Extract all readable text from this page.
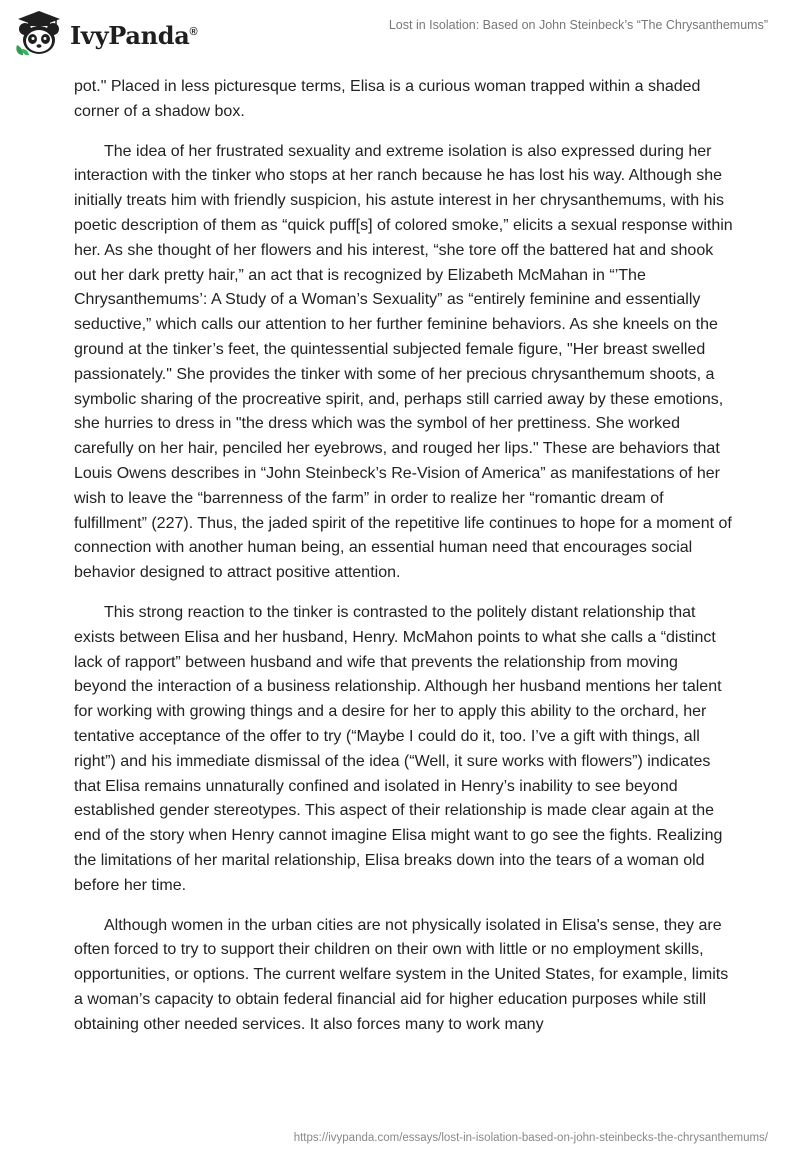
IvyPanda®	Lost in Isolation: Based on John Steinbeck’s “The Chrysanthemums”

pot." Placed in less picturesque terms, Elisa is a curious woman trapped within a shaded corner of a shadow box.

The idea of her frustrated sexuality and extreme isolation is also expressed during her interaction with the tinker who stops at her ranch because he has lost his way. Although she initially treats him with friendly suspicion, his astute interest in her chrysanthemums, with his poetic description of them as “quick puff[s] of colored smoke,” elicits a sexual response within her. As she thought of her flowers and his interest, “she tore off the battered hat and shook out her dark pretty hair,” an act that is recognized by Elizabeth McMahan in “’The Chrysanthemums’: A Study of a Woman’s Sexuality” as “entirely feminine and essentially seductive,” which calls our attention to her further feminine behaviors. As she kneels on the ground at the tinker’s feet, the quintessential subjected female figure, "Her breast swelled passionately." She provides the tinker with some of her precious chrysanthemum shoots, a symbolic sharing of the procreative spirit, and, perhaps still carried away by these emotions, she hurries to dress in "the dress which was the symbol of her prettiness. She worked carefully on her hair, penciled her eyebrows, and rouged her lips." These are behaviors that Louis Owens describes in “John Steinbeck’s Re-Vision of America” as manifestations of her wish to leave the “barrenness of the farm” in order to realize her “romantic dream of fulfillment” (227). Thus, the jaded spirit of the repetitive life continues to hope for a moment of connection with another human being, an essential human need that encourages social behavior designed to attract positive attention.

This strong reaction to the tinker is contrasted to the politely distant relationship that exists between Elisa and her husband, Henry. McMahon points to what she calls a “distinct lack of rapport” between husband and wife that prevents the relationship from moving beyond the interaction of a business relationship. Although her husband mentions her talent for working with growing things and a desire for her to apply this ability to the orchard, her tentative acceptance of the offer to try (“Maybe I could do it, too. I’ve a gift with things, all right”) and his immediate dismissal of the idea (“Well, it sure works with flowers”) indicates that Elisa remains unnaturally confined and isolated in Henry’s inability to see beyond established gender stereotypes. This aspect of their relationship is made clear again at the end of the story when Henry cannot imagine Elisa might want to go see the fights. Realizing the limitations of her marital relationship, Elisa breaks down into the tears of a woman old before her time.

Although women in the urban cities are not physically isolated in Elisa's sense, they are often forced to try to support their children on their own with little or no employment skills, opportunities, or options. The current welfare system in the United States, for example, limits a woman’s capacity to obtain federal financial aid for higher education purposes while still obtaining other needed services. It also forces many to work many

https://ivypanda.com/essays/lost-in-isolation-based-on-john-steinbecks-the-chrysanthemums/
